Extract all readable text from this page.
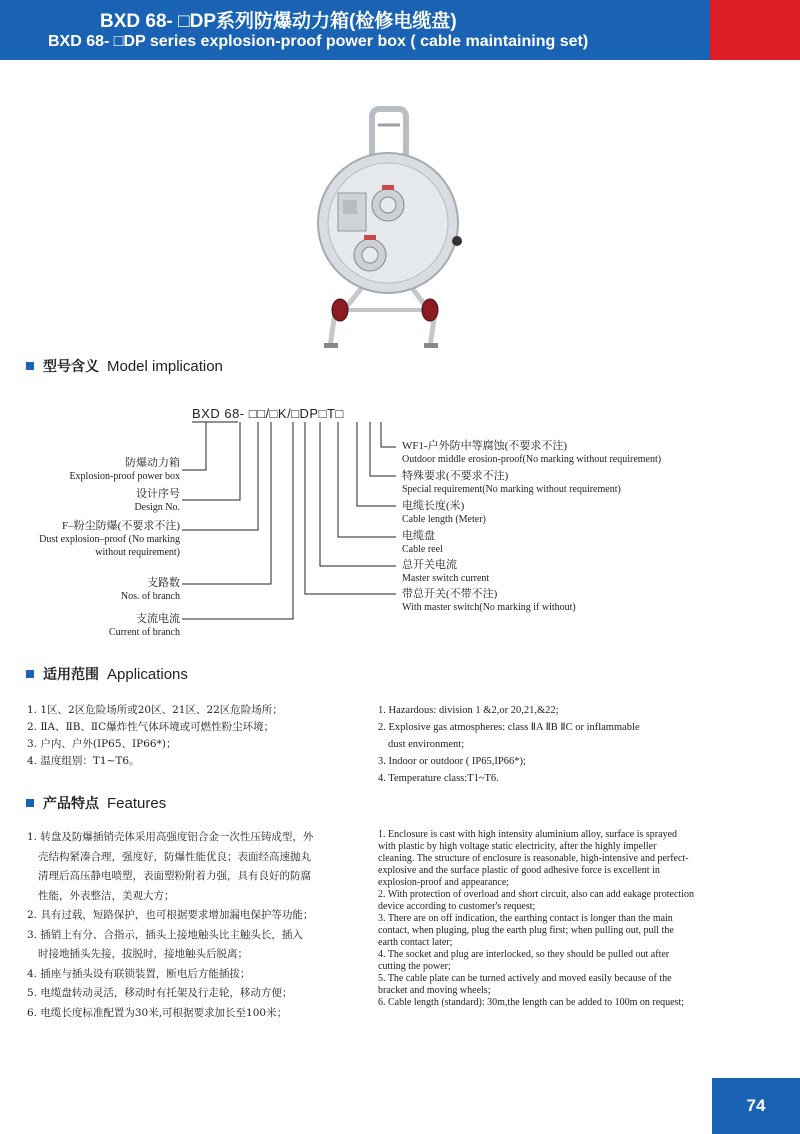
BXD 68- □DP系列防爆动力箱(检修电缆盘)
BXD 68- □DP series explosion-proof power box ( cable maintaining set)
型号含义 Model implication
BXD 68- □□/□K/□DP□T□
WF1-户外防中等腐蚀(不要求不注)
Outdoor middle erosion-proof(No marking without requirement)
特殊要求(不要求不注)
Special requirement(No marking without requirement)
电缆长度(米)
Cable length (Meter)
电缆盘
Cable reel
总开关电流
Master switch current
带总开关(不带不注)
With master switch(No marking if without)
防爆动力箱
Explosion-proof power box
设计序号
Design No.
F–粉尘防爆(不要求不注)
Dust explosion–proof (No marking
without requirement)
支路数
Nos. of branch
支流电流
Current of branch
适用范围 Applications

1. 1区、2区危险场所或20区、21区、22区危险场所；

2. ⅡA、ⅡB、ⅡC爆炸性气体环境或可燃性粉尘环境；

3. 户内、户外(IP65、IP66*)；

4. 温度组别：T1~T6。

1. Hazardous: division 1 &2,or 20,21,&22;

2. Explosive gas atmospheres: class ⅡA ⅡB ⅡC or inflammable

dust environment;

3. Indoor or outdoor ( IP65,IP66*);

4. Temperature class:T1~T6.

产品特点 Features

1. 转盘及防爆插销壳体采用高强度铝合金一次性压铸成型，外

壳结构紧凑合理，强度好，防爆性能优良；表面经高速抛丸

清理后高压静电喷塑，表面塑粉附着力强，具有良好的防腐

性能，外表整洁，美观大方；

2. 具有过载，短路保护，也可根据要求增加漏电保护等功能；

3. 插销上有分、合指示，插头上接地触头比主触头长，插入

时接地插头先接，拔脱时，接地触头后脱离；

4. 插座与插头设有联锁装置，断电后方能插拔；

5. 电缆盘转动灵活，移动时有托架及行走轮，移动方便；

6. 电缆长度标准配置为30米,可根据要求加长至100米；

1. Enclosure is cast with high intensity aluminium alloy, surface is sprayed with plastic by high voltage static electricity, after the highly impeller cleaning. The structure of enclosure is reasonable, high-intensive and perfect-explosive and the surface plastic of good adhesive force is excellent in explosion-proof and appearance;

2. With protection of overload and short circuit, also can add eakage protection device according to customer's request;

3. There are on off indication, the earthing contact is longer than the main contact, when pluging, plug the earth plug first; when pulling out, pull the earth contact later;

4. The socket and plug are interlocked, so they should be pulled out after cutting the power;

5. The cable plate can be turned actively and moved easily because of the bracket and moving wheels;

6. Cable length (standard): 30m,the length can be added to 100m on request;

74
